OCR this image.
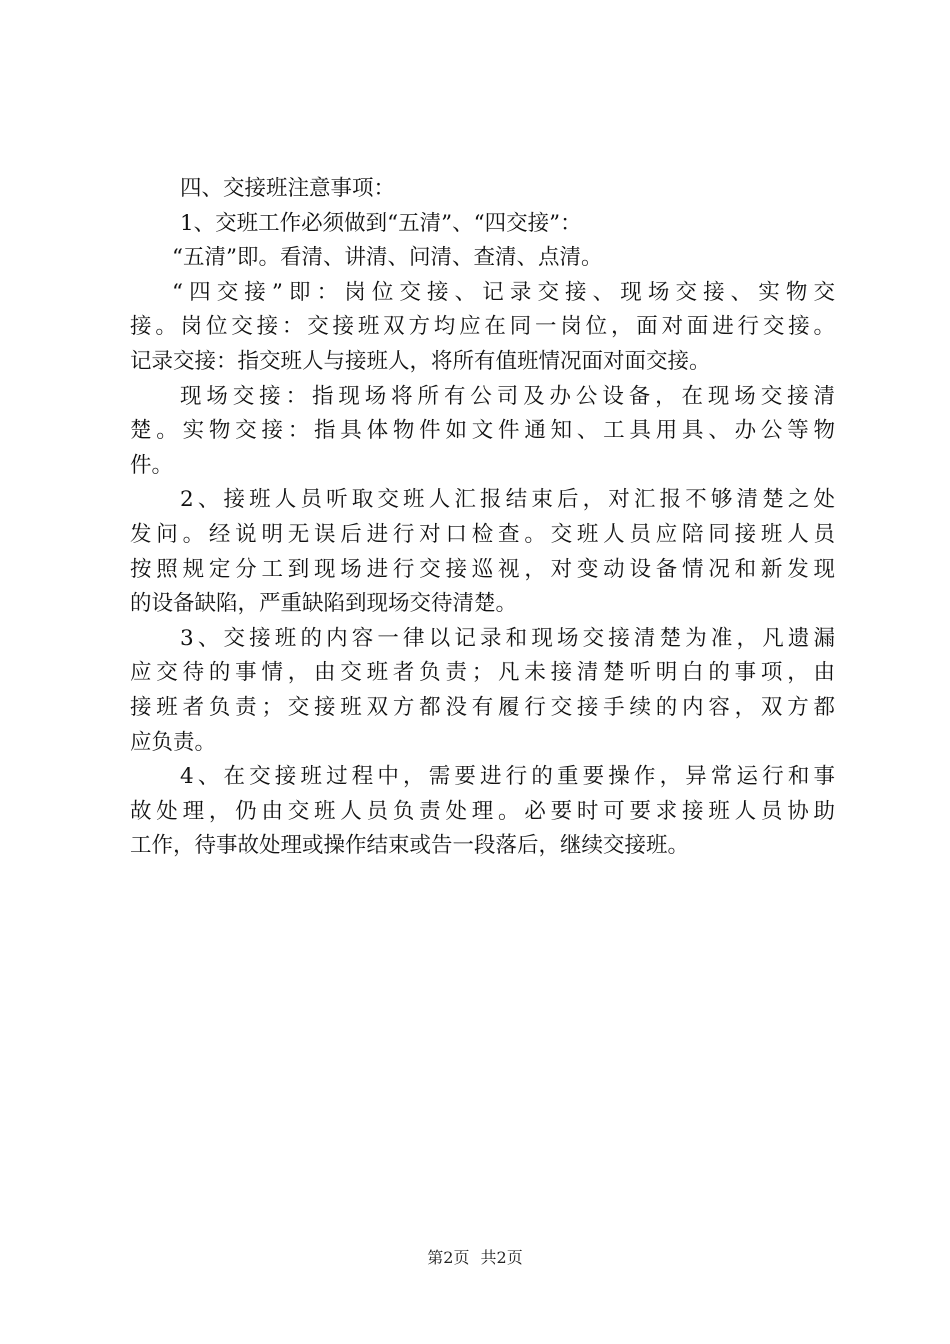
四、交接班注意事项：
1、交班工作必须做到“五清”、“四交接”：
“五清”即。看清、讲清、问清、查清、点清。
“四交接”即：岗位交接、记录交接、现场交接、实物交
接。岗位交接：交接班双方均应在同一岗位，面对面进行交接。
记录交接：指交班人与接班人，将所有值班情况面对面交接。
现场交接：指现场将所有公司及办公设备，在现场交接清
楚。实物交接：指具体物件如文件通知、工具用具、办公等物
件。
2、接班人员听取交班人汇报结束后，对汇报不够清楚之处
发问。经说明无误后进行对口检查。交班人员应陪同接班人员
按照规定分工到现场进行交接巡视，对变动设备情况和新发现
的设备缺陷，严重缺陷到现场交待清楚。
3、交接班的内容一律以记录和现场交接清楚为准，凡遗漏
应交待的事情，由交班者负责；凡未接清楚听明白的事项，由
接班者负责；交接班双方都没有履行交接手续的内容，双方都
应负责。
4、在交接班过程中，需要进行的重要操作，异常运行和事
故处理，仍由交班人员负责处理。必要时可要求接班人员协助
工作，待事故处理或操作结束或告一段落后，继续交接班。
第2页 共2页
